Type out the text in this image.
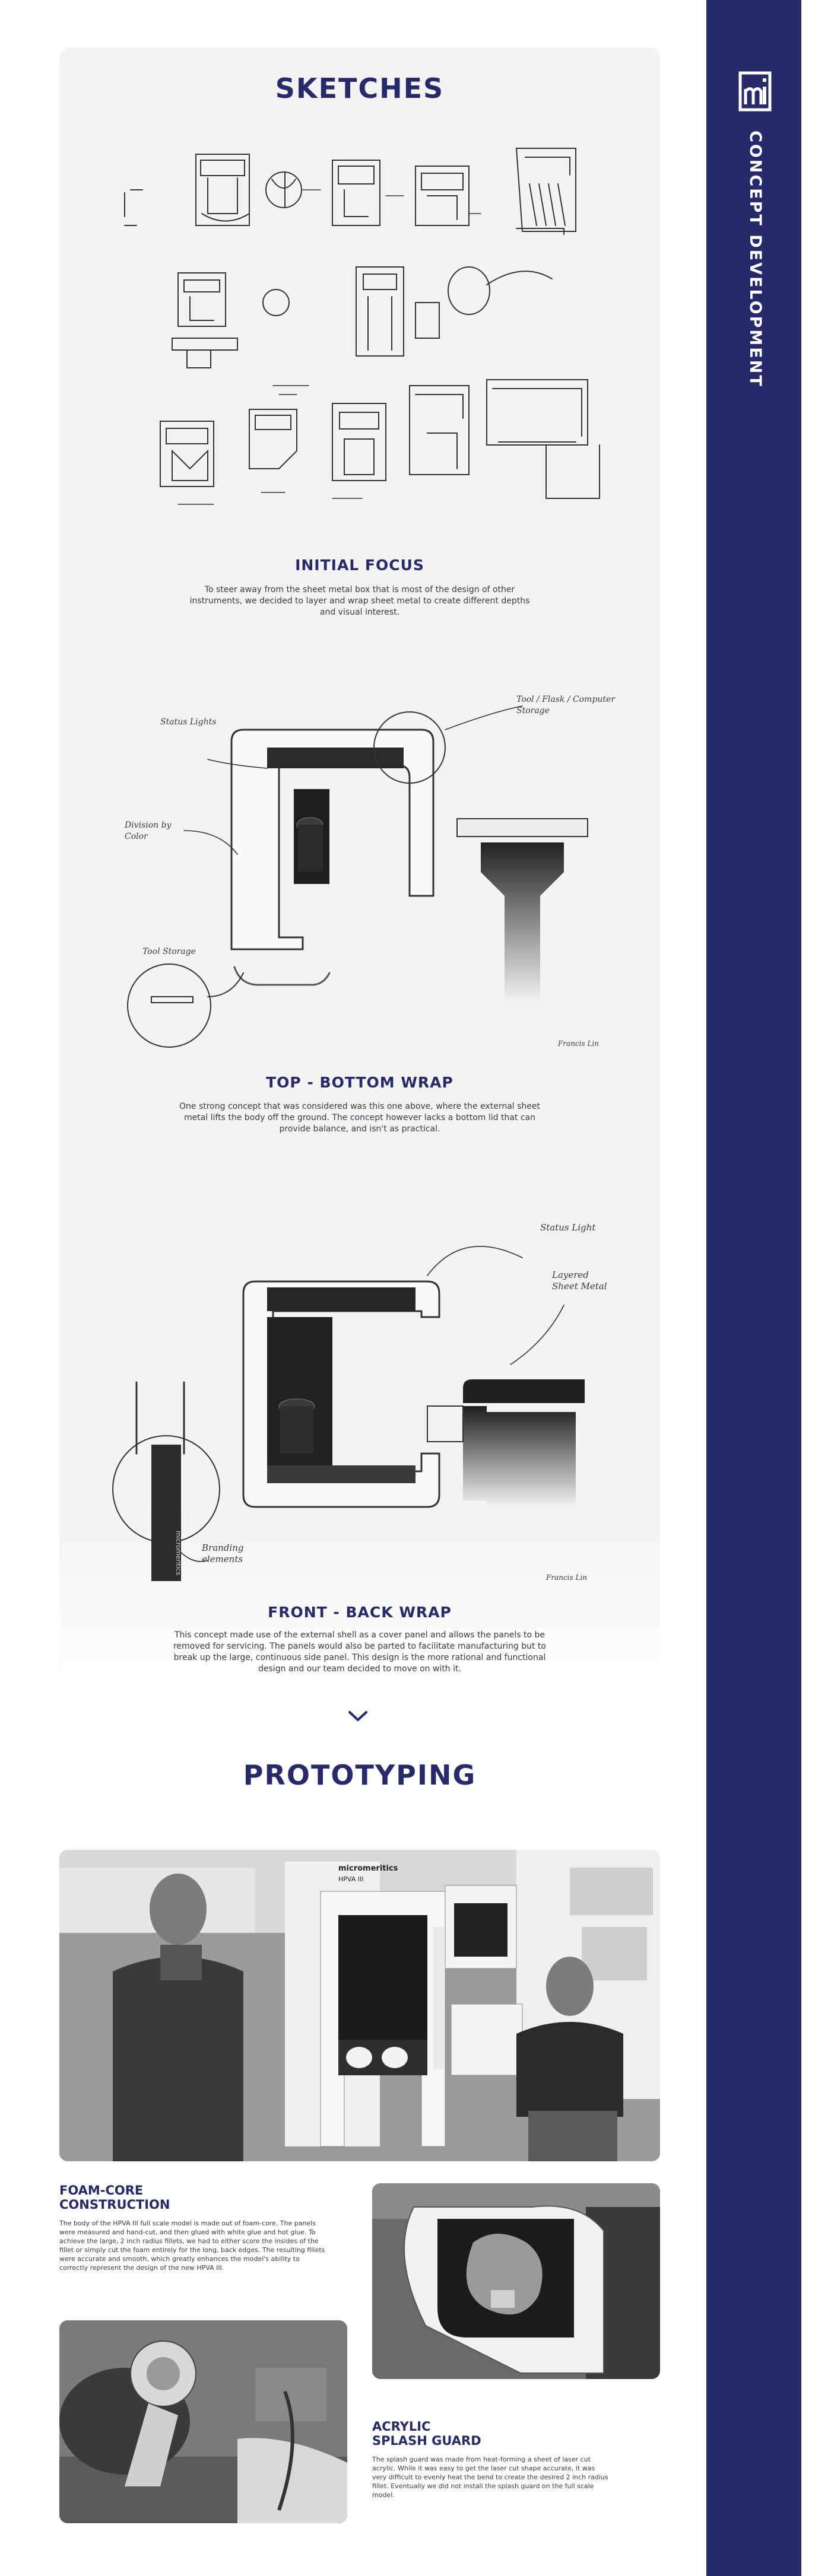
CONCEPT DEVELOPMENT
SKETCHES
INITIAL FOCUS
To steer away from the sheet metal box that is most of the design of other instruments, we decided to layer and wrap sheet metal to create different depths and visual interest.
Status Lights
Tool / Flask / Computer Storage
Division by Color
Tool Storage
Francis Lin
TOP - BOTTOM WRAP
One strong concept that was considered was this one above, where the external sheet metal lifts the body off the ground. The concept however lacks a bottom lid that can provide balance, and isn't as practical.
micromeritics
Status Light
Layered Sheet Metal
Branding elements
Francis Lin
FRONT - BACK WRAP
This concept made use of the external shell as a cover panel and allows the panels to be removed for servicing. The panels would also be parted to facilitate manufacturing but to break up the large, continuous side panel. This design is the more rational and functional design and our team decided to move on with it.
PROTOTYPING
micromeritics
HPVA III
FOAM-CORE
CONSTRUCTION
The body of the HPVA III full scale model is made out of foam-core. The panels were measured and hand-cut, and then glued with white glue and hot glue. To achieve the large, 2 inch radius fillets, we had to either score the insides of the fillet or simply cut the foam entirely for the long, back edges. The resulting fillets were accurate and smooth, which greatly enhances the model's ability to correctly represent the design of the new HPVA III.
ACRYLIC
SPLASH GUARD
The splash guard was made from heat-forming a sheet of laser cut acrylic. While it was easy to get the laser cut shape accurate, it was very difficult to evenly heat the bend to create the desired 2 inch radius fillet. Eventually we did not install the splash guard on the full scale model.
